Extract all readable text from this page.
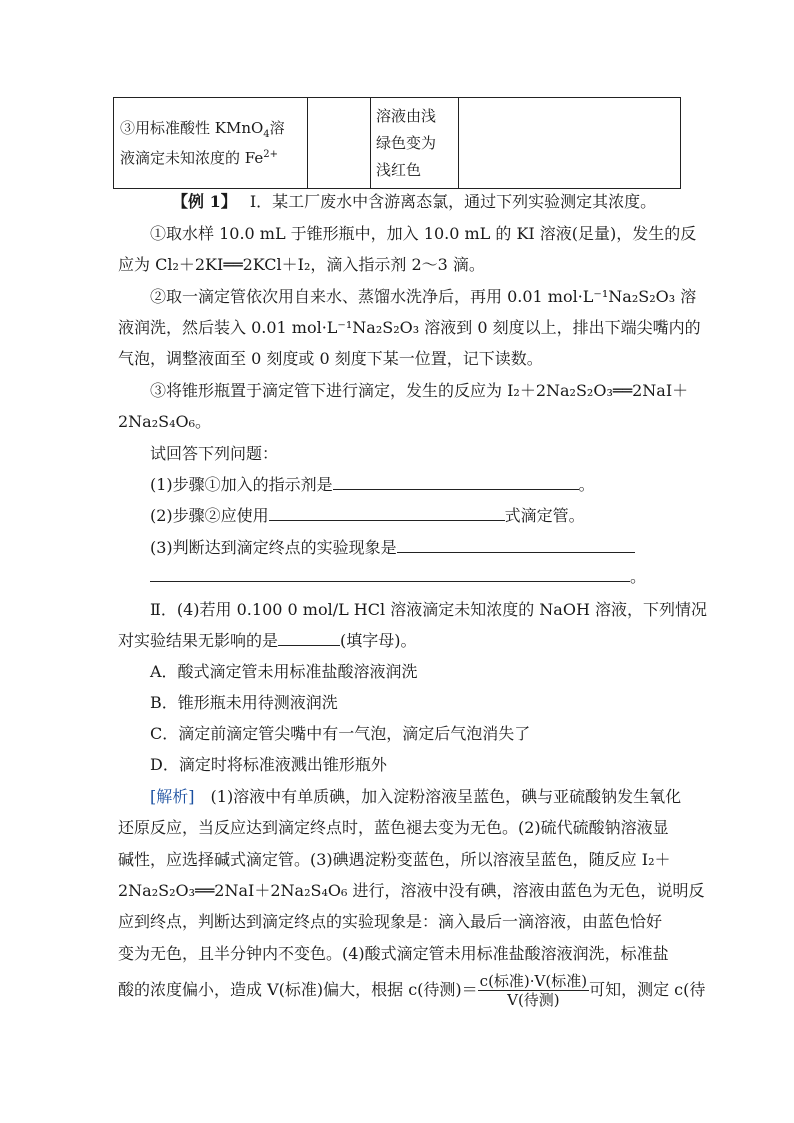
③用标准酸性 KMnO$_4$溶
液滴定未知浓度的 $Fe^{2+}$		溶液由浅
绿色变为
浅红色	
【例 1】　 Ⅰ．某工厂废水中含游离态氯，通过下列实验测定其浓度。
①取水样 10.0 mL 于锥形瓶中，加入 10.0 mL 的 KI 溶液(足量)，发生的反
应为 Cl₂＋2KI══2KCl＋I₂，滴入指示剂 2～3 滴。
②取一滴定管依次用自来水、蒸馏水洗净后，再用 0.01 mol·L⁻¹Na₂S₂O₃ 溶
液润洗，然后装入 0.01 mol·L⁻¹Na₂S₂O₃ 溶液到 0 刻度以上，排出下端尖嘴内的
气泡，调整液面至 0 刻度或 0 刻度下某一位置，记下读数。
③将锥形瓶置于滴定管下进行滴定，发生的反应为 I₂＋2Na₂S₂O₃══2NaI＋
2Na₂S₄O₆。
试回答下列问题：
(1)步骤①加入的指示剂是	。
(2)步骤②应使用	式滴定管。
(3)判断达到滴定终点的实验现象是
。
Ⅱ．(4)若用 0.100 0 mol/L HCl 溶液滴定未知浓度的 NaOH 溶液，下列情况
对实验结果无影响的是	(填字母)。
A．酸式滴定管未用标准盐酸溶液润洗
B．锥形瓶未用待测液润洗
C．滴定前滴定管尖嘴中有一气泡，滴定后气泡消失了
D．滴定时将标准液溅出锥形瓶外
[解析]　 (1)溶液中有单质碘，加入淀粉溶液呈蓝色，碘与亚硫酸钠发生氧化
还原反应，当反应达到滴定终点时，蓝色褪去变为无色。(2)硫代硫酸钠溶液显
碱性，应选择碱式滴定管。(3)碘遇淀粉变蓝色，所以溶液呈蓝色，随反应 I₂＋
2Na₂S₂O₃══2NaI＋2Na₂S₄O₆ 进行，溶液中没有碘，溶液由蓝色为无色，说明反
应到终点，判断达到滴定终点的实验现象是：滴入最后一滴溶液，由蓝色恰好
变为无色，且半分钟内不变色。(4)酸式滴定管未用标准盐酸溶液润洗，标准盐
酸的浓度偏小，造成 V(标准)偏大，根据 c(待测)＝ $\frac{\text{c(标准)·V(标准)}}{\text{V(待测)}}$ 可知，测定 c(待
